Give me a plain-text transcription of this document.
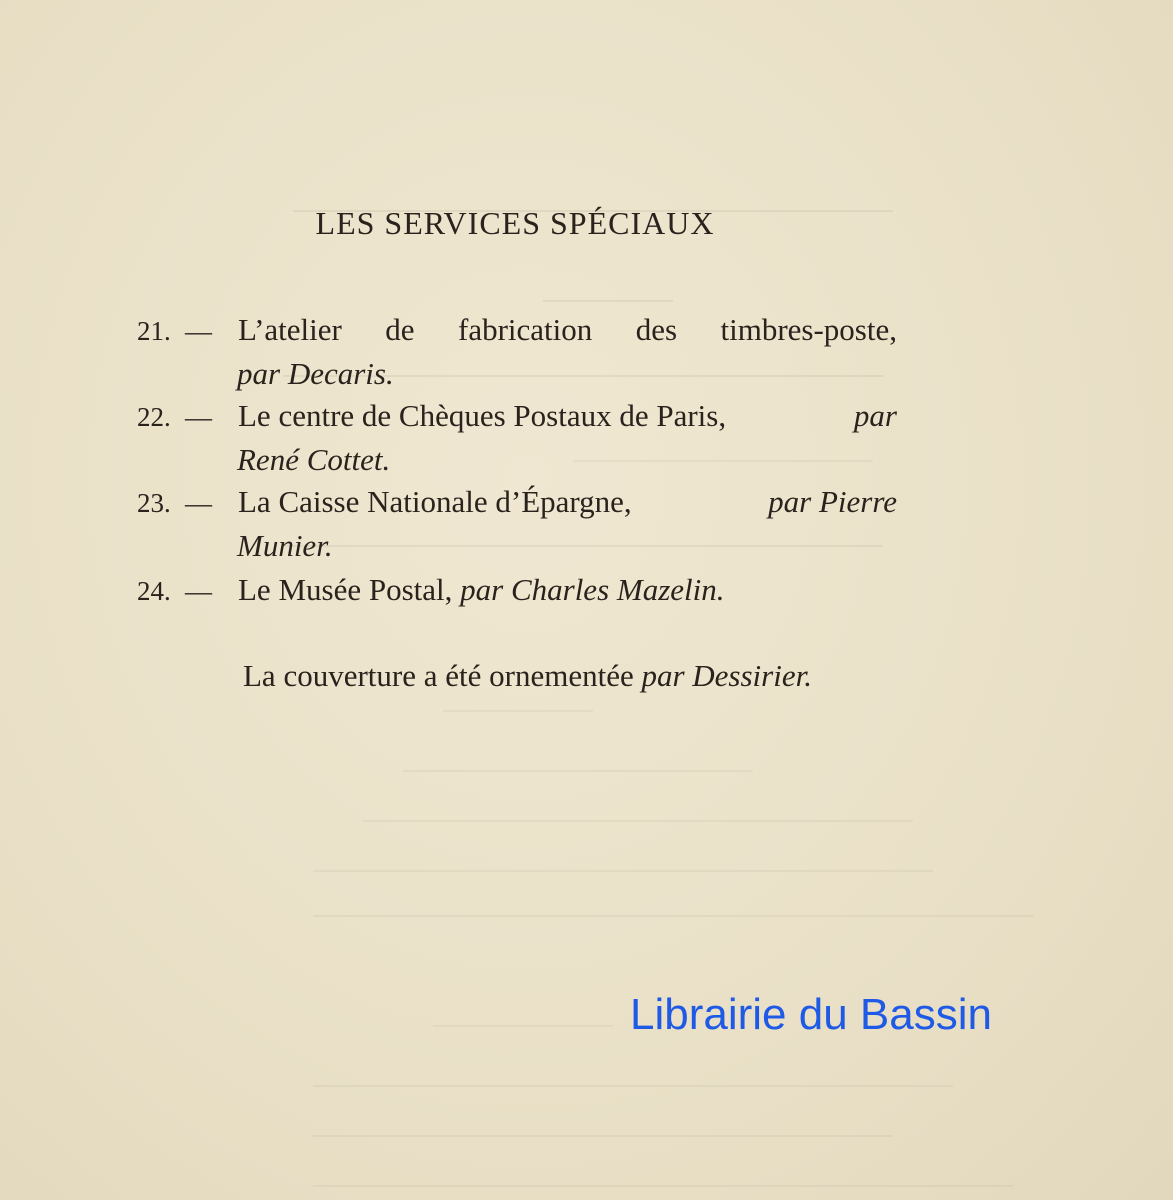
LES SERVICES SPÉCIAUX
21. — L’atelier de fabrication des timbres-poste,
par Decaris.
22. — Le centre de Chèques Postaux de Paris,	par
René Cottet.
23. — La Caisse Nationale d’Épargne,	par Pierre
Munier.
24. — Le Musée Postal, par Charles Mazelin.
La couverture a été ornementée par Dessirier.
Librairie du Bassin
